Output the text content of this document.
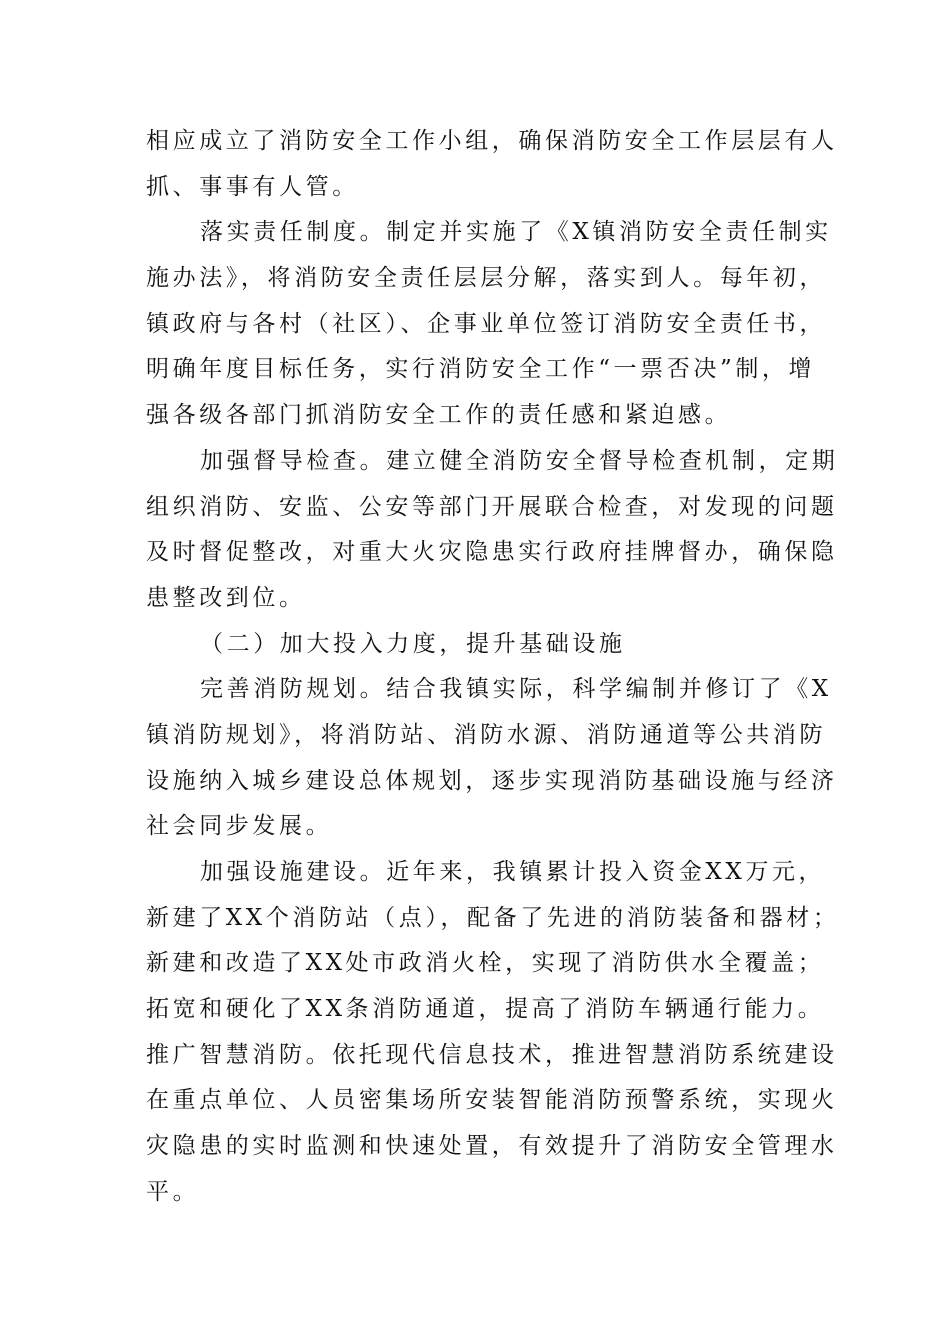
相应成立了消防安全工作小组，确保消防安全工作层层有人
抓、事事有人管。
落实责任制度。制定并实施了《X镇消防安全责任制实
施办法》，将消防安全责任层层分解，落实到人。每年初，
镇政府与各村（社区）、企事业单位签订消防安全责任书，
明确年度目标任务，实行消防安全工作“一票否决”制，增
强各级各部门抓消防安全工作的责任感和紧迫感。
加强督导检查。建立健全消防安全督导检查机制，定期
组织消防、安监、公安等部门开展联合检查，对发现的问题
及时督促整改，对重大火灾隐患实行政府挂牌督办，确保隐
患整改到位。
（二）加大投入力度，提升基础设施
完善消防规划。结合我镇实际，科学编制并修订了《X
镇消防规划》，将消防站、消防水源、消防通道等公共消防
设施纳入城乡建设总体规划，逐步实现消防基础设施与经济
社会同步发展。
加强设施建设。近年来，我镇累计投入资金XX万元，
新建了XX个消防站（点），配备了先进的消防装备和器材；
新建和改造了XX处市政消火栓，实现了消防供水全覆盖；
拓宽和硬化了XX条消防通道，提高了消防车辆通行能力。
推广智慧消防。依托现代信息技术，推进智慧消防系统建设
在重点单位、人员密集场所安装智能消防预警系统，实现火
灾隐患的实时监测和快速处置，有效提升了消防安全管理水
平。
